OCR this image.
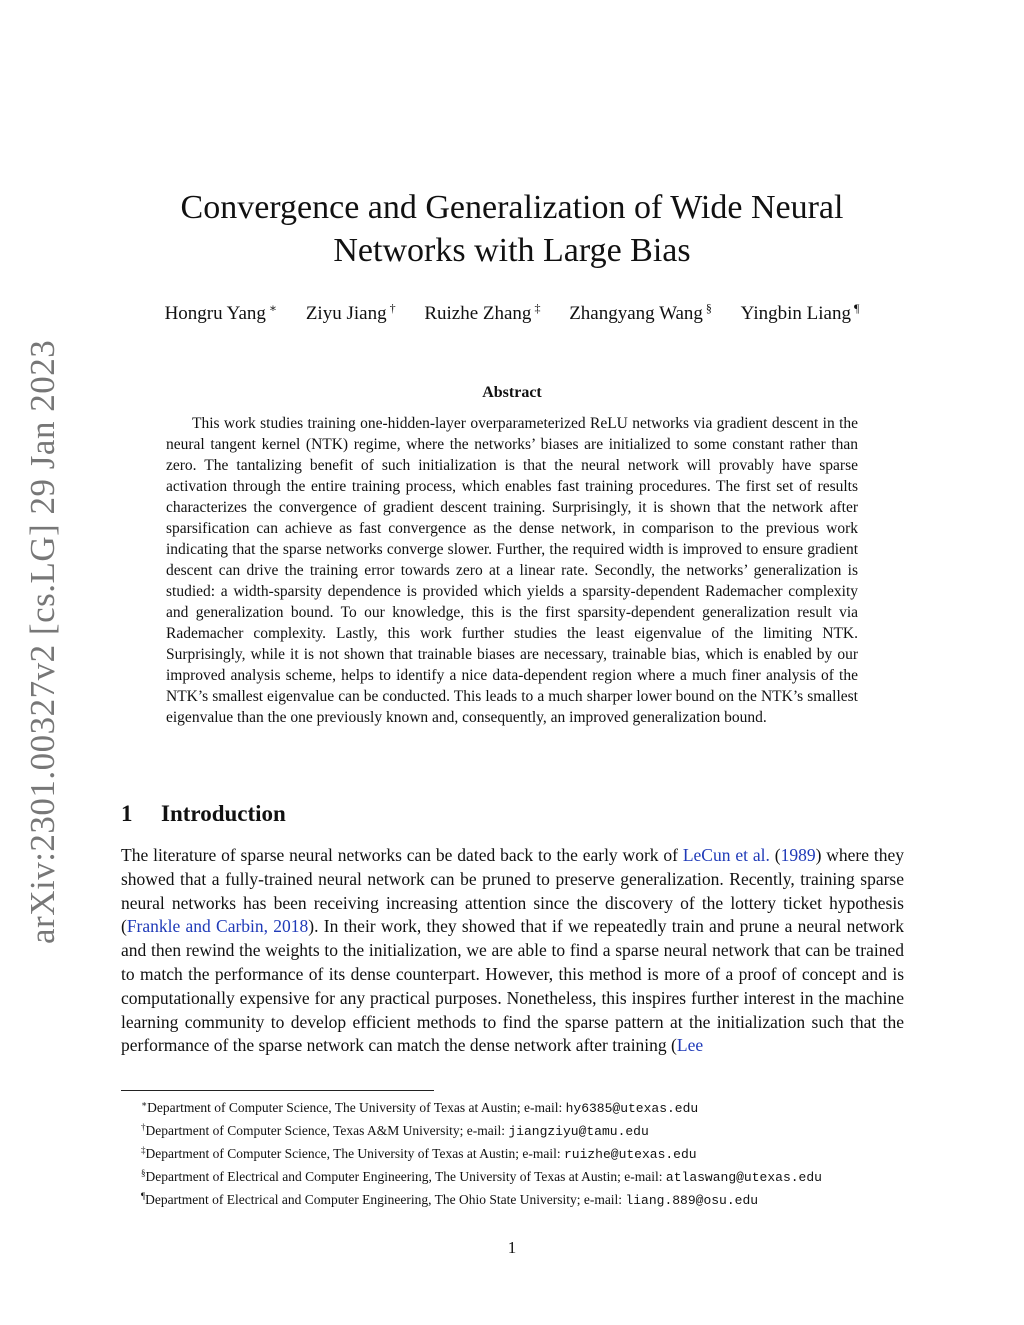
arXiv:2301.00327v2 [cs.LG] 29 Jan 2023
Convergence and Generalization of Wide Neural
Networks with Large Bias
Hongru Yang ∗ Ziyu Jiang † Ruizhe Zhang ‡ Zhangyang Wang § Yingbin Liang ¶
Abstract

This work studies training one-hidden-layer overparameterized ReLU networks via gradient descent in the neural tangent kernel (NTK) regime, where the networks’ biases are initialized to some constant rather than zero. The tantalizing benefit of such initialization is that the neural network will provably have sparse activation through the entire training process, which enables fast training procedures. The first set of results characterizes the convergence of gradient descent training. Surprisingly, it is shown that the network after sparsification can achieve as fast convergence as the dense network, in comparison to the previous work indicating that the sparse networks converge slower. Further, the required width is improved to ensure gradient descent can drive the training error towards zero at a linear rate. Secondly, the networks’ generalization is studied: a width-sparsity dependence is provided which yields a sparsity-dependent Rademacher complexity and generalization bound. To our knowledge, this is the first sparsity-dependent generalization result via Rademacher complexity. Lastly, this work further studies the least eigenvalue of the limiting NTK. Surprisingly, while it is not shown that trainable biases are necessary, trainable bias, which is enabled by our improved analysis scheme, helps to identify a nice data-dependent region where a much finer analysis of the NTK’s smallest eigenvalue can be conducted. This leads to a much sharper lower bound on the NTK’s smallest eigenvalue than the one previously known and, consequently, an improved generalization bound.

1 Introduction

The literature of sparse neural networks can be dated back to the early work of LeCun et al. (1989) where they showed that a fully-trained neural network can be pruned to preserve generalization. Recently, training sparse neural networks has been receiving increasing attention since the discovery of the lottery ticket hypothesis (Frankle and Carbin, 2018). In their work, they showed that if we repeatedly train and prune a neural network and then rewind the weights to the initialization, we are able to find a sparse neural network that can be trained to match the performance of its dense counterpart. However, this method is more of a proof of concept and is computationally expensive for any practical purposes. Nonetheless, this inspires further interest in the machine learning community to develop efficient methods to find the sparse pattern at the initialization such that the performance of the sparse network can match the dense network after training (Lee

∗Department of Computer Science, The University of Texas at Austin; e-mail: hy6385@utexas.edu

†Department of Computer Science, Texas A&M University; e-mail: jiangziyu@tamu.edu

‡Department of Computer Science, The University of Texas at Austin; e-mail: ruizhe@utexas.edu

§Department of Electrical and Computer Engineering, The University of Texas at Austin; e-mail: atlaswang@utexas.edu

¶Department of Electrical and Computer Engineering, The Ohio State University; e-mail: liang.889@osu.edu

1
